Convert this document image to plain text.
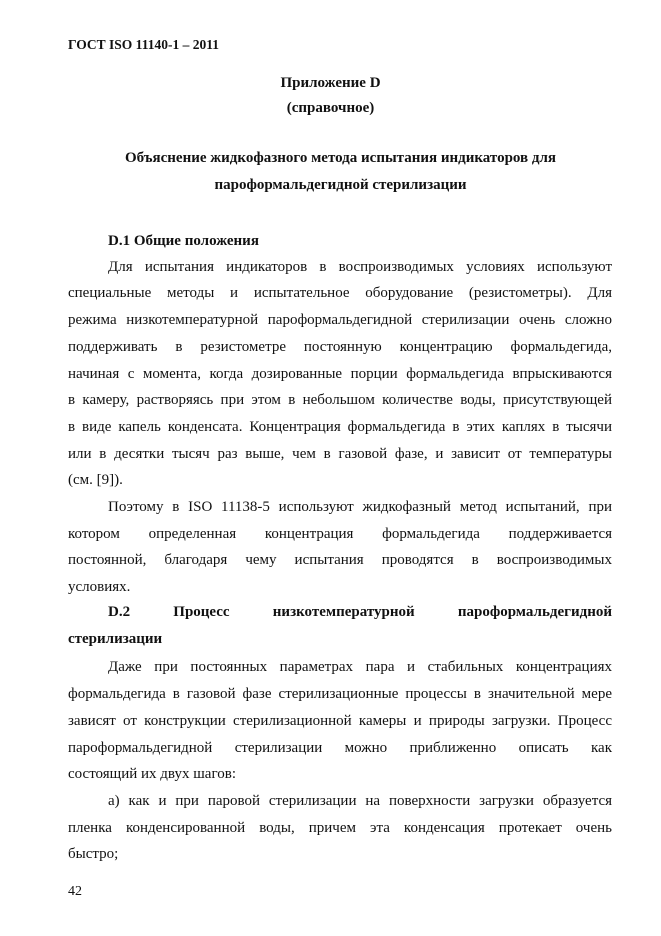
ГОСТ ISO 11140-1 – 2011
Приложение D
(справочное)
Объяснение жидкофазного метода испытания индикаторов для
пароформальдегидной стерилизации
D.1 Общие положения
Для испытания индикаторов в воспроизводимых условиях используют
специальные методы и испытательное оборудование (резистометры). Для
режима низкотемпературной пароформальдегидной стерилизации очень сложно
поддерживать в резистометре постоянную концентрацию формальдегида,
начиная с момента, когда дозированные порции формальдегида впрыскиваются
в камеру, растворяясь при этом в небольшом количестве воды, присутствующей
в виде капель конденсата. Концентрация формальдегида в этих каплях в тысячи
или в десятки тысяч раз выше, чем в газовой фазе, и зависит от температуры
(см. [9]).
Поэтому в ISO 11138-5 используют жидкофазный метод испытаний, при
котором определенная концентрация формальдегида поддерживается
постоянной, благодаря чему испытания проводятся в воспроизводимых
условиях.
D.2	Процесс	низкотемпературной	пароформальдегидной
стерилизации
Даже при постоянных параметрах пара и стабильных концентрациях
формальдегида в газовой фазе стерилизационные процессы в значительной мере
зависят от конструкции стерилизационной камеры и природы загрузки. Процесс
пароформальдегидной стерилизации можно приближенно описать как
состоящий их двух шагов:
а) как и при паровой стерилизации на поверхности загрузки образуется
пленка конденсированной воды, причем эта конденсация протекает очень
быстро;
42
